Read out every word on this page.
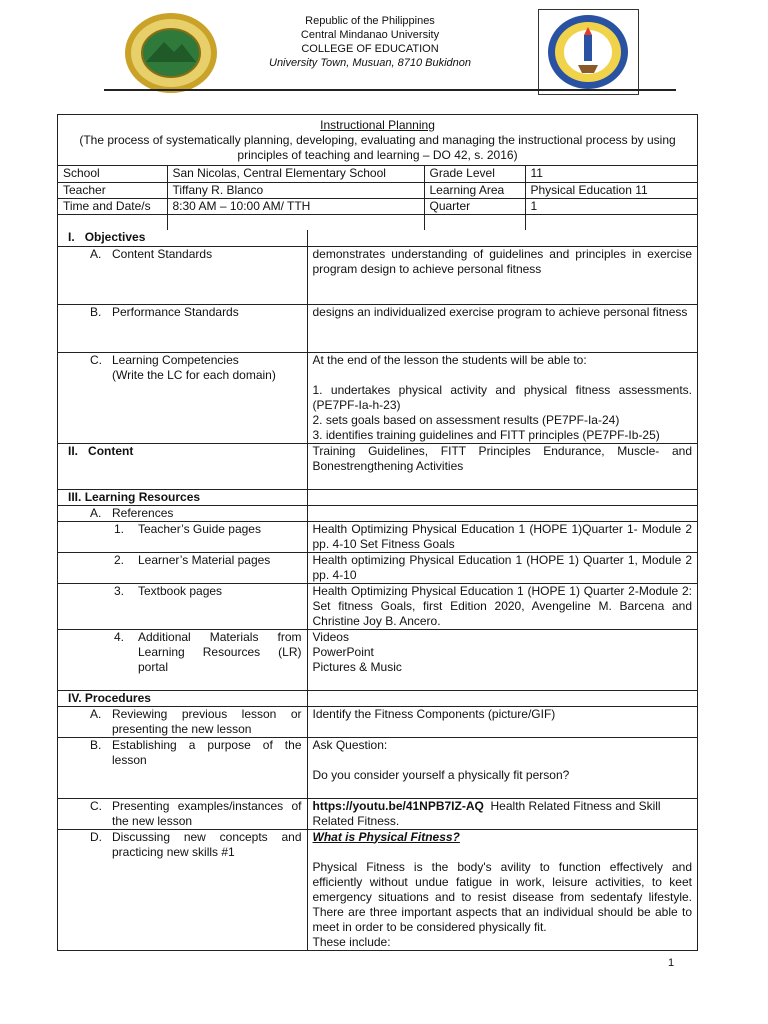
Republic of the Philippines
Central Mindanao University
COLLEGE OF EDUCATION
University Town, Musuan, 8710 Bukidnon
Instructional Planning
(The process of systematically planning, developing, evaluating and managing the instructional process by using principles of teaching and learning – DO 42, s. 2016)
School	San Nicolas, Central Elementary School	Grade Level	11
Teacher	Tiffany R. Blanco	Learning Area	Physical Education 11
Time and Date/s	8:30 AM – 10:00 AM/ TTH	Quarter	1

I. Objectives	
A. Content Standards	demonstrates understanding of guidelines and principles in exercise program design to achieve personal fitness
B. Performance Standards	designs an individualized exercise program to achieve personal fitness
C. Learning Competencies
(Write the LC for each domain)	At the end of the lesson the students will be able to:
1. undertakes physical activity and physical fitness assessments. (PE7PF-Ia-h-23)
2. sets goals based on assessment results (PE7PF-Ia-24)
3. identifies training guidelines and FITT principles (PE7PF-Ib-25)

II. Content	Training Guidelines, FITT Principles Endurance, Muscle- and Bonestrengthening Activities
III. Learning Resources	
A. References	
1. Teacher’s Guide pages	Health Optimizing Physical Education 1 (HOPE 1)Quarter 1- Module 2 pp. 4-10 Set Fitness Goals
2. Learner’s Material pages	Health optimizing Physical Education 1 (HOPE 1) Quarter 1, Module 2 pp. 4-10
3. Textbook pages	Health Optimizing Physical Education 1 (HOPE 1) Quarter 2-Module 2: Set fitness Goals, first Edition 2020, Avengeline M. Barcena and Christine Joy B. Ancero.

4. Additional Materials from Learning Resources (LR) portal	Videos
PowerPoint
Pictures & Music

IV. Procedures	

A. Reviewing previous lesson or presenting the new lesson	Identify the Fitness Components (picture/GIF)

B. Establishing a purpose of the lesson	Ask Question:
Do you consider yourself a physically fit person?

C. Presenting examples/instances of the new lesson	https://youtu.be/41NPB7IZ-AQ Health Related Fitness and Skill Related Fitness.

D. Discussing new concepts and practicing new skills #1	What is Physical Fitness?
Physical Fitness is the body's avility to function effectively and efficiently without undue fatigue in work, leisure activities, to keet emergency situations and to resist disease from sedentafy lifestyle. There are three important aspects that an individual should be able to meet in order to be considered physically fit.
These include:
1
